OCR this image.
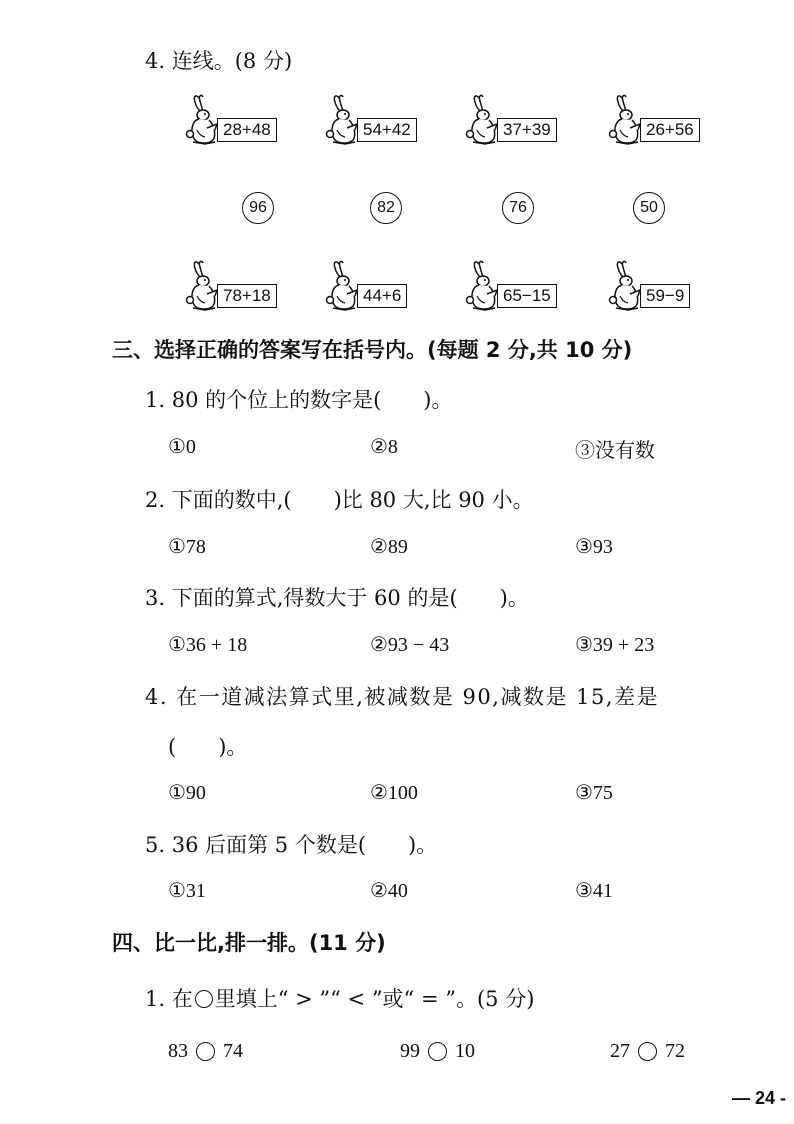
4. 连线。(8 分)
28+48	54+42	37+39	26+56
96	82	76	50
78+18	44+6	65−15	59−9
三、选择正确的答案写在括号内。(每题 2 分,共 10 分)
1. 80 的个位上的数字是(　　)。
①0	②8	③没有数
2. 下面的数中,(　　)比 80 大,比 90 小。
①78	②89	③93
3. 下面的算式,得数大于 60 的是(　　)。
①36 + 18	②93 − 43	③39 + 23
4. 在一道减法算式里,被减数是 90,减数是 15,差是
(　　)。
①90	②100	③75
5. 36 后面第 5 个数是(　　)。
①31	②40	③41
四、比一比,排一排。(11 分)
1. 在 里填上“ > ”“ < ”或“ = ”。(5 分)
83 74	99 10	27 72
— 24 -
